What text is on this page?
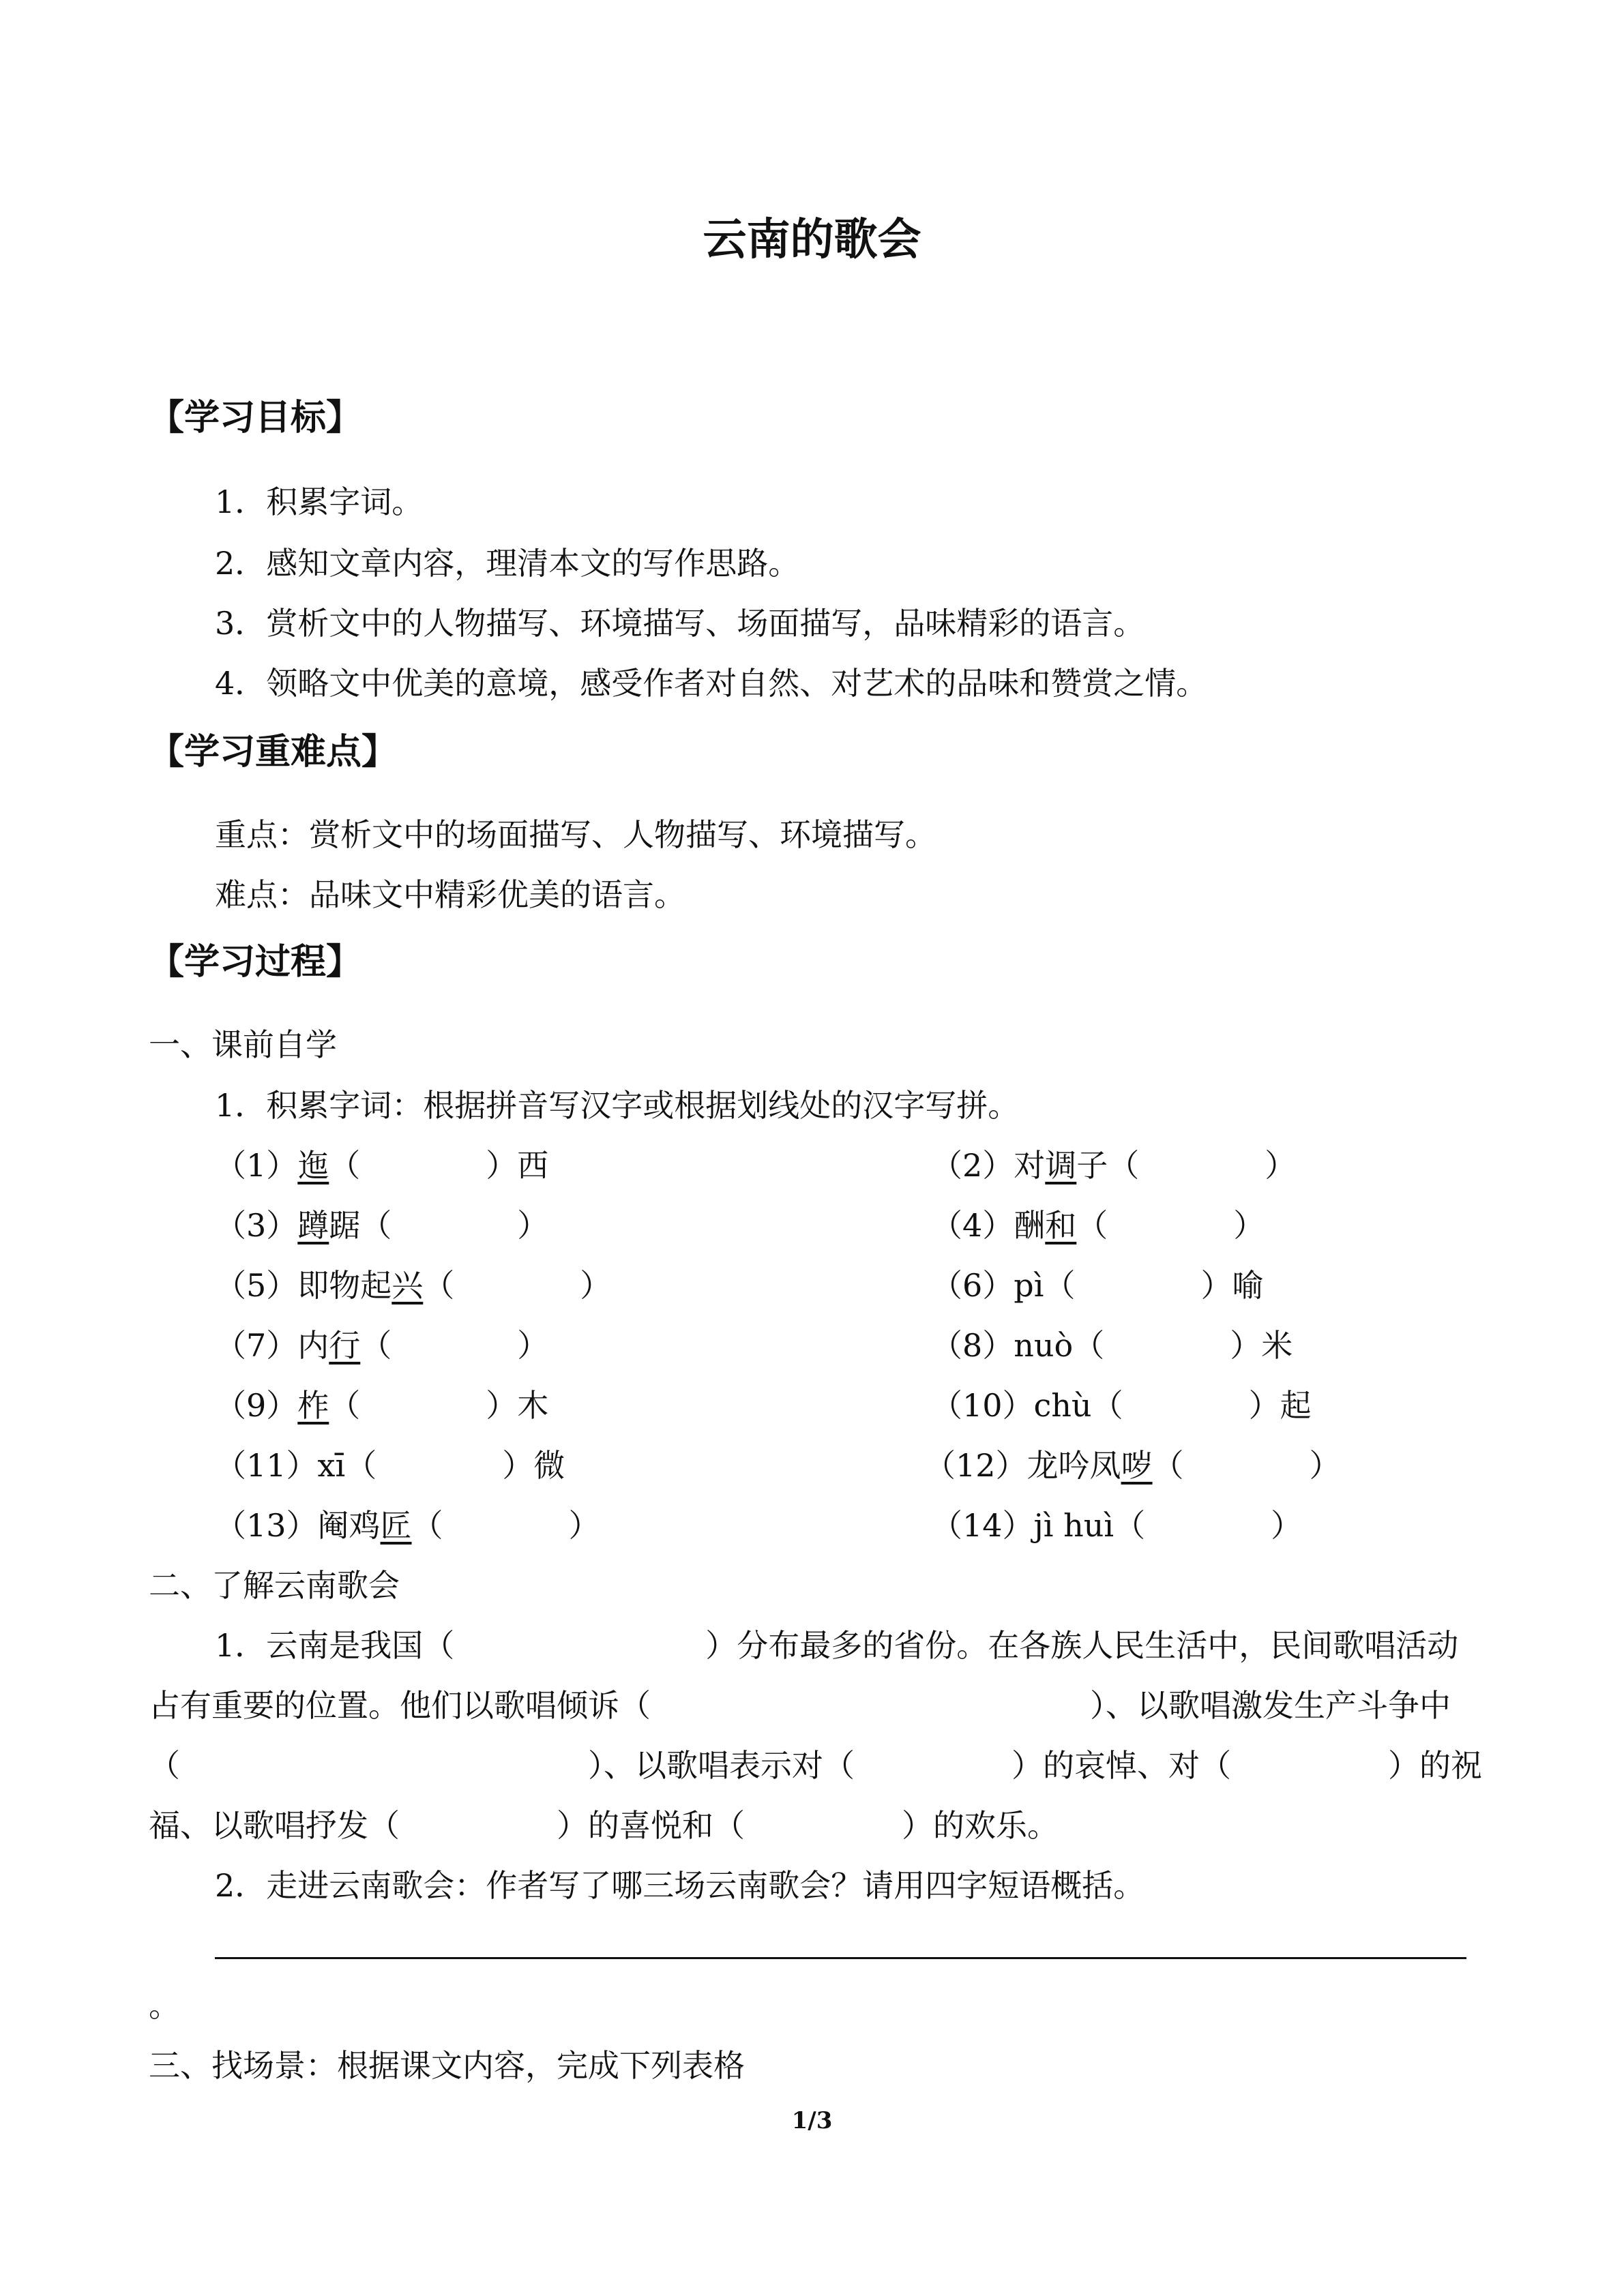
云南的歌会
【学习目标】
1．积累字词。
2．感知文章内容，理清本文的写作思路。
3．赏析文中的人物描写、环境描写、场面描写，品味精彩的语言。
4．领略文中优美的意境，感受作者对自然、对艺术的品味和赞赏之情。
【学习重难点】
重点：赏析文中的场面描写、人物描写、环境描写。
难点：品味文中精彩优美的语言。
【学习过程】
一、课前自学
1．积累字词：根据拼音写汉字或根据划线处的汉字写拼。
（1）迤（　　　　）西	（2）对调子（　　　　）
（3）蹲踞（　　　　）	（4）酬和（　　　　）
（5）即物起兴（　　　　）	（6）pì（　　　　）喻
（7）内行（　　　　）	（8）nuò（　　　　）米
（9）柞（　　　　）木	（10）chù（　　　　）起
（11）xī（　　　　）微	（12）龙吟凤哕（　　　　）
（13）阉鸡匠（　　　　）	（14）jì huì（　　　　）
二、了解云南歌会
1．云南是我国（　　　　　　　　）分布最多的省份。在各族人民生活中，民间歌唱活动
占有重要的位置。他们以歌唱倾诉（　　　　　　　　　　　　　　）、以歌唱激发生产斗争中
（　　　　　　　　　　　　　）、以歌唱表示对（　　　　　）的哀悼、对（　　　　　）的祝
福、以歌唱抒发（　　　　　）的喜悦和（　　　　　）的欢乐。
2．走进云南歌会：作者写了哪三场云南歌会？请用四字短语概括。
。
三、找场景：根据课文内容，完成下列表格
1/3
